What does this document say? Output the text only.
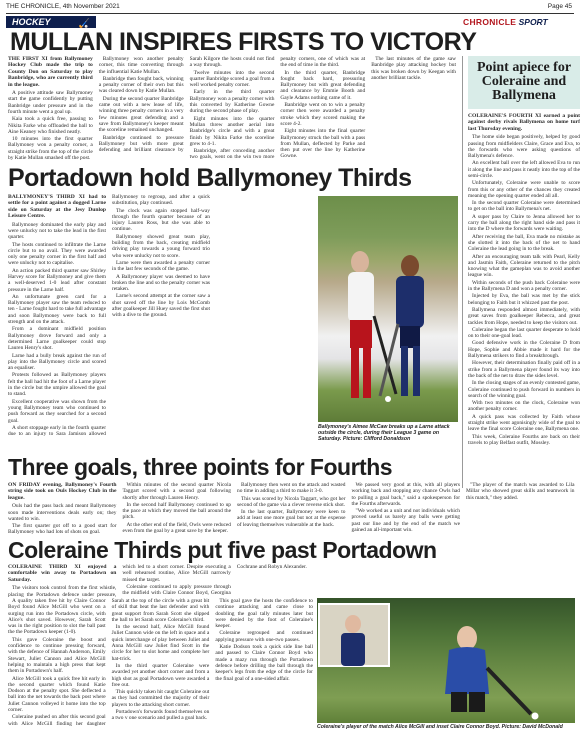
THE CHRONICLE, 4th November 2021	Page 45
HOCKEY	🏑	CHRONICLE SPORT
MULLAN INSPIRES FIRSTS TO VICTORY

THE FIRST XI from Ballymoney Hockey Club made the trip to County Don on Saturday to play Banbridge, who are currently third in the league.

A positive attitude saw Ballymoney start the game confidently by putting Banbridge under pressure and in the fourth minute went a goal up.

Kaia took a quick free, passing to Nikita Farke who offloaded the ball to Aine Keaney who finished neatly.

10 minutes into the first quarter Ballymoney won a penalty corner, a straight strike from the top of the circle by Katie Mullan smashed off the post.

Ballymoney won another penalty corner, this time converting through the influential Katie Mullan.

Banbridge then fought back, winning a penalty corner of their own but this was cleared down by Katie Mullan.

During the second quarter Banbridge came out with a new lease of life, winning three penalty corners in a very few minutes great defending and a save from Ballymoney's keeper meant the scoreline remained unchanged.

Banbridge continued to pressure Ballymoney but with more great defending and brilliant clearance by Sarah Kilgore the hosts could not find a way through.

Twelve minutes into the second quarter Banbridge scored a goal from a well worked penalty corner.

Early in the third quarter Ballymoney won a penalty corner with this converted by Katherine Gowne during the second phase of play.

Eight minutes into the quarter Mullan threw another aerial into Banbridge's circle and with a great finish by Nikita Farke the scoreline grew to 4-1.

Banbridge, after conceding another two goals, went on the win two more penalty corners, one of which was at the end of time in the third.

In the third quarter, Banbridge fought back hard, pressuring Ballymoney but with great defending and clearance by Emmie Booth and Gayle Adams nothing came of it.

Banbridge went on to win a penalty corner then were awarded a penalty stroke which they scored making the score 4-2.

Eight minutes into the final quarter Ballymoney struck the ball with a pass from Mullan, deflected by Parke and then put over the line by Katherine Gowne.

The last minutes of the game saw Banbridge play attacking hockey but this was broken down by Keegan with another brilliant tackle.

Point apiece for Coleraine and Ballymena

COLERAINE'S FOURTH XI earned a point against derby rivals Ballymena on home turf last Thursday evening.

The home side began positively, helped by good passing from midfielders Claire, Grace and Eva, to the forwards who were asking questions of Ballymena's defence.

An excellent ball over the left allowed Eva to run it along the line and pass it neatly into the top of the semi-circle.

Unfortunately, Coleraine were unable to score from this or any other of the chances they created meaning the opening quarter ended all all.

In the second quarter Coleraine were determined to get on the ball into Ballymena's net.

A super pass by Claire to Jenna allowed her to carry the ball along the right hand side and pass it into the D where the forwards were waiting.

After receiving the ball, Eva made no mistake as she slotted it into the back of the net to hand Coleraine the lead going in to the break.

After an encouraging team talk with Pearl, Kelly and Jasmin Faith, Coleraine returned to the pitch knowing what the gameplan was to avoid another league win.

Within seconds of the push back Coleraine were in the Ballymena D and won a penalty corner.

Injected by Eva, the ball was met by the stick belonging to Faith but it whizzed past the post.

Ballymena responded almost immediately, with great saves from goalkeeper Rebecca, and great tackles from Hope, needed to keep the visitors out.

Coleraine began the last quarter desperate to hold on to their one-goal lead.

Good defensive work in the Coleraine D from Hope, Sophie and Abbie made it hard for the Ballymena strikers to find a breakthrough.

However, their determination finally paid off in a strike from a Ballymena player found its way into the back of the net to draw the sides level.

In the closing stages of an evenly contested game, Coleraine continued to push forward in numbers in search of the winning goal.

With two minutes on the clock, Coleraine won another penalty corner.

A quick pass was collected by Faith whose straight strike went agonisingly wide of the goal to leave the final score Coleraine one, Ballymena one.

This week, Coleraine Fourths are back on their travels to play Belfast outfit, Mossley.

Portadown hold Ballymoney Thirds

BALLYMONEY'S THIRD XI had to settle for a point against a dogged Larne side on Saturday at the Jesy Dunlop Leisure Centre.

Ballymoney dominated the early play and were unlucky not to take the lead in the first quarter.

The hosts continued to infiltrate the Larne circle but to no avail. They were awarded only one penalty corner in the first half and were unlucky not to capitalise.

An action packed third quarter saw Shirley Harvey score for Ballymoney and give them a well-deserved 1-0 lead after constant pressure in the Larne half.

An unfortunate green card for a Ballymoney player saw the team reduced to ten - Larne fought hard to take full advantage and soon Ballymoney were back to full strength and on the attack.

From a dominant midfield position Ballymoney drove forward and only a determined Larne goalkeeper could stop Lauren Henry's shot.

Larne had a bully break against the run of play into the Ballymoney circle and scored an equaliser.

Protests followed as Ballymoney players felt the ball had hit the foot of a Larne player in the circle but the umpire allowed the goal to stand.

Excellent cooperative was shown from the young Ballymoney team who continued to push forward as they searched for a second goal.

A short stoppage early in the fourth quarter due to an injury to Sara Jamison allowed Ballymoney to regroup, and after a quick substitution, play continued.

The clock was again stopped half-way through the fourth quarter because of an injury Lauren Ross, but she was able to continue.

Ballymoney showed great team play, building from the back, creating midfield driving play towards a young forward trio who were unlucky not to score.

Larne were then awarded a penalty corner in the last few seconds of the game.

A Ballymoney player was deemed to have broken the line and so the penalty corner was retaken.

Larne's second attempt at the corner saw a shot saved off the line by Lois McComb after goalkeeper Jill Huey saved the first shot with a dive to the ground.

Ballymoney's Aimee McCaw breaks up a Larne attack outside the circle, during their League 3 game on Saturday. Picture: Clifford Donaldson
Three goals, three points for Fourths

ON FRIDAY evening, Ballymoney's Fourth string side took on Ouls Hockey Club in the league.

Ouls had the pass back and meant Ballymoney soon made interventions deals early on; they wanted to win.

The first quarter got off to a good start for Ballymoney who had lots of shots on goal.

Within minutes of the second quarter Nicola Taggart scored with a second goal following shortly after through Lauren Henry.

In the second half Ballymoney continued to up the pace at which they moved the ball around the pitch.

At the other end of the field, Owls were reduced even from the goal by a great save by the keeper.

Ballymoney then went on the attack and wasted no time in adding a third to make it 3-0.

This was scored by Nicola Taggart, who got her second of the game via a clever reverse stick shot.

In the last quarter, Ballymoney were keen to add at least one more goal but not at the expense of leaving themselves vulnerable at the back.

We passed very good at this, with all players working back and stopping any chance Owls had to pulling a goal back," said a spokesperson for the Fourths afterwards.

"We worked as a unit and not individuals which proved useful us barely any balls were getting past our line and by the end of the match we gained an all-important win.

"The player of the match was awarded to Lila Millar who showed great skills and teamwork in this match," they added.

Coleraine Thirds put five past Portadown

COLERAINE THIRD XI enjoyed a comfortable win away to Portadown on Saturday.

The visitors took control from the first whistle, placing the Portadown defence under pressure, which led to a short corner. Despite executing a well rehearsed routine, Alice McGill narrowly missed the target.

Coleraine continued to apply pressure through the midfield with Claire Connor Boyd, Georgina Cochrane and Robyn Alexander.

A quality taken free hit by Claire Connor Boyd found Alice McGill who went on a surging run into the Portadown circle, with Alice's shot saved. However, Sarah Scott was in the right position to slot the ball past the the Portadown keeper (1-0).

This gave Coleraine the boost and confidence to continue pressing forward, with the defence of Hannah Anderson, Emily Stewart, Juliet Cannon and Alice McGill helping to maintain a high press that kept them in Portadown's half.

Alice McGill took a quick free hit early in the second quarter which found Katie Dodson at the penalty spot. She deflected a ball into the net towards the back post where Juliet Cannon volleyed it home into the top corner.

Coleraine pushed on after this second goal with Alice McGill finding her daughter Sarah at the top of the circle with a great bit of skill that beat the last defender and with great support from Sarah Scott she slipped the ball to let Sarah score Coleraine's third.

In the second half, Alice McGill found Juliet Cannon wide on the left in space and a quick interchange of play between Juliet and Anna McGill saw Juliet find Scott in the circle for her to slot home and complete her hat-trick.

In the third quarter Coleraine were awarded yet another short corner and from a high shot as goal Portadown were awarded a free out.

This quickly taken hit caught Coleraine out as they had committed the majority of their players to the attacking short corner.

Portadown's forwards found themselves on a two v one scenario and pulled a goal back.

This goal gave the hosts the confidence to continue attacking and came close to doubling the goal tally minutes later but were denied by the foot of Coleraine's keeper.

Coleraine regrouped and continued applying pressure with one-two passes.

Katie Dodson took a quick side line ball and passed to Claire Connor Boyd who made a mazy run through the Portadown defence before drilling the ball through the keeper's legs from the edge of the circle for the final goal of a one-sided affair.

Coleraine's player of the match Alice McGill and inset Claire Connor Boyd. Picture: David McDonald
